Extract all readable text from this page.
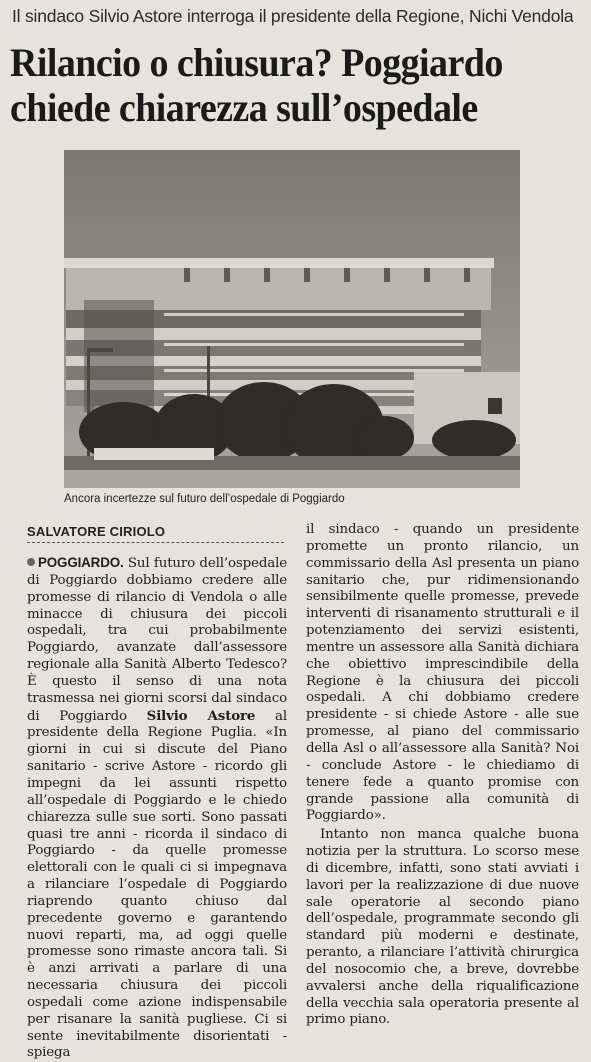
Il sindaco Silvio Astore interroga il presidente della Regione, Nichi Vendola
Rilancio o chiusura? Poggiardo chiede chiarezza sull’ospedale
Ancora incertezze sul futuro dell’ospedale di Poggiardo
SALVATORE CIRIOLO

POGGIARDO. Sul futuro dell’ospedale di Poggiardo dobbiamo credere alle promesse di rilancio di Vendola o alle minacce di chiusura dei piccoli ospedali, tra cui probabilmente Poggiardo, avanzate dall’assessore regionale alla Sanità Alberto Tedesco? È questo il senso di una nota trasmessa nei giorni scorsi dal sindaco di Poggiardo Silvio Astore al presidente della Regione Puglia. «In giorni in cui si discute del Piano sanitario - scrive Astore - ricordo gli impegni da lei assunti rispetto all’ospedale di Poggiardo e le chiedo chiarezza sulle sue sorti. Sono passati quasi tre anni - ricorda il sindaco di Poggiardo - da quelle promesse elettorali con le quali ci si impegnava a rilanciare l’ospedale di Poggiardo riaprendo quanto chiuso dal precedente governo e garantendo nuovi reparti, ma, ad oggi quelle promesse sono rimaste ancora tali. Si è anzi arrivati a parlare di una necessaria chiusura dei piccoli ospedali come azione indispensabile per risanare la sanità pugliese. Ci si sente inevitabilmente disorientati - spiega

il sindaco - quando un presidente promette un pronto rilancio, un commissario della Asl presenta un piano sanitario che, pur ridimensionando sensibilmente quelle promesse, prevede interventi di risanamento strutturali e il potenziamento dei servizi esistenti, mentre un assessore alla Sanità dichiara che obiettivo imprescindibile della Regione è la chiusura dei piccoli ospedali. A chi dobbiamo credere presidente - si chiede Astore - alle sue promesse, al piano del commissario della Asl o all’assessore alla Sanità? Noi - conclude Astore - le chiediamo di tenere fede a quanto promise con grande passione alla comunità di Poggiardo».

Intanto non manca qualche buona notizia per la struttura. Lo scorso mese di dicembre, infatti, sono stati avviati i lavori per la realizzazione di due nuove sale operatorie al secondo piano dell’ospedale, programmate secondo gli standard più moderni e destinate, peranto, a rilanciare l’attività chirurgica del nosocomio che, a breve, dovrebbe avvalersi anche della riqualificazione della vecchia sala operatoria presente al primo piano.
